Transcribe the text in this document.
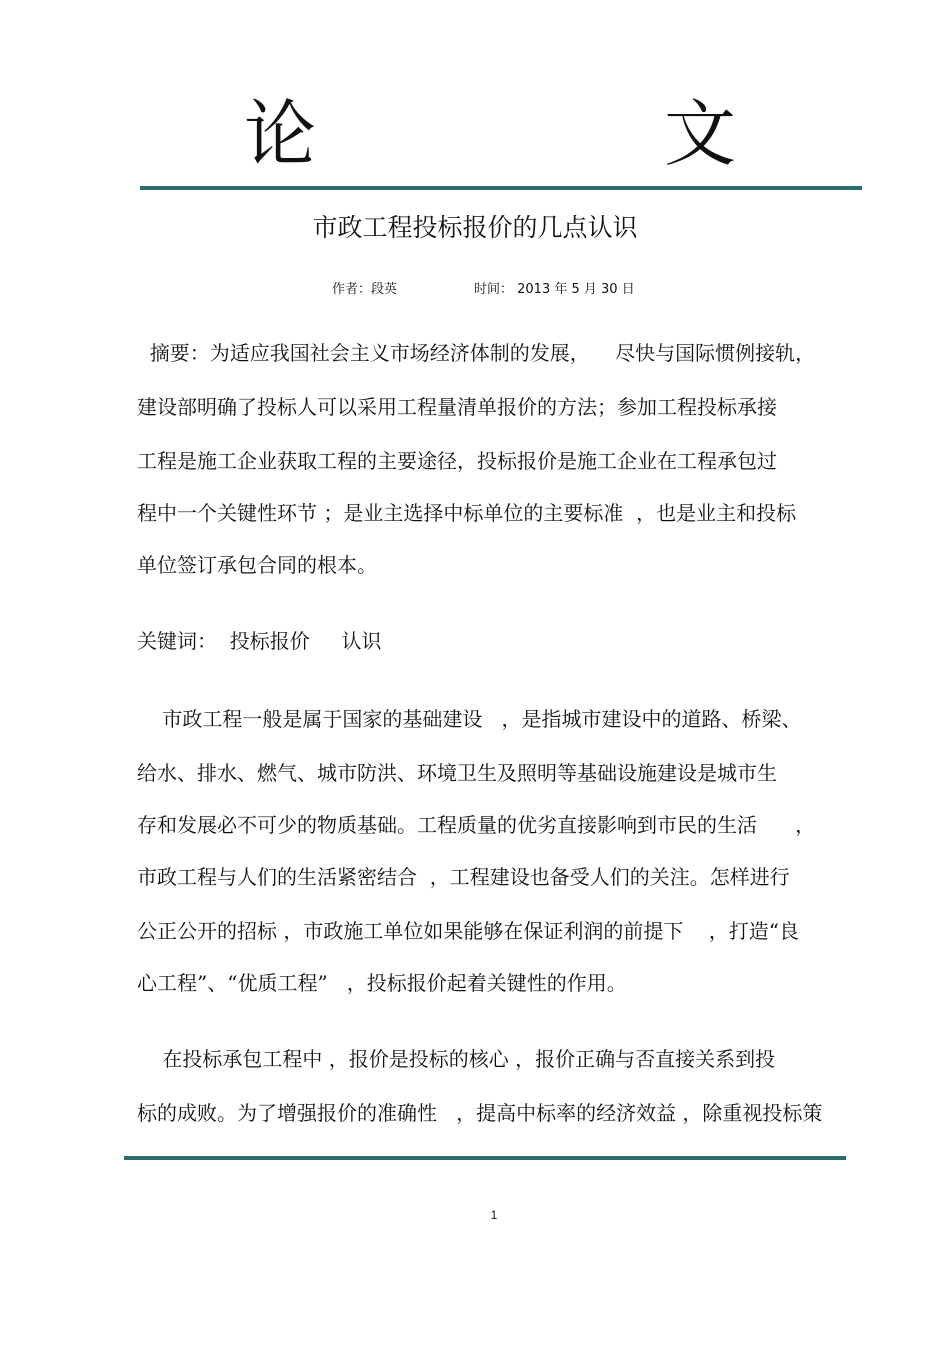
论	文
市政工程投标报价的几点认识
作者：段英	时间： 2013 年 5 月 30 日
摘要：为适应我国社会主义市场经济体制的发展，    尽快与国际惯例接轨，
建设部明确了投标人可以采用工程量清单报价的方法；参加工程投标承接
工程是施工企业获取工程的主要途径，投标报价是施工企业在工程承包过
程中一个关键性环节 ；是业主选择中标单位的主要标准  ，也是业主和投标
单位签订承包合同的根本。
关键词：  投标报价     认识
市政工程一般是属于国家的基础建设   ，是指城市建设中的道路、桥梁、
给水、排水、燃气、城市防洪、环境卫生及照明等基础设施建设是城市生
存和发展必不可少的物质基础。工程质量的优劣直接影响到市民的生活      ，
市政工程与人们的生活紧密结合  ，工程建设也备受人们的关注。怎样进行
公正公开的招标 ，市政施工单位如果能够在保证利润的前提下    ，打造“良
心工程”、“优质工程”   ，投标报价起着关键性的作用。
在投标承包工程中 ，报价是投标的核心 ，报价正确与否直接关系到投
标的成败。为了增强报价的准确性   ，提高中标率的经济效益 ，除重视投标策
1
